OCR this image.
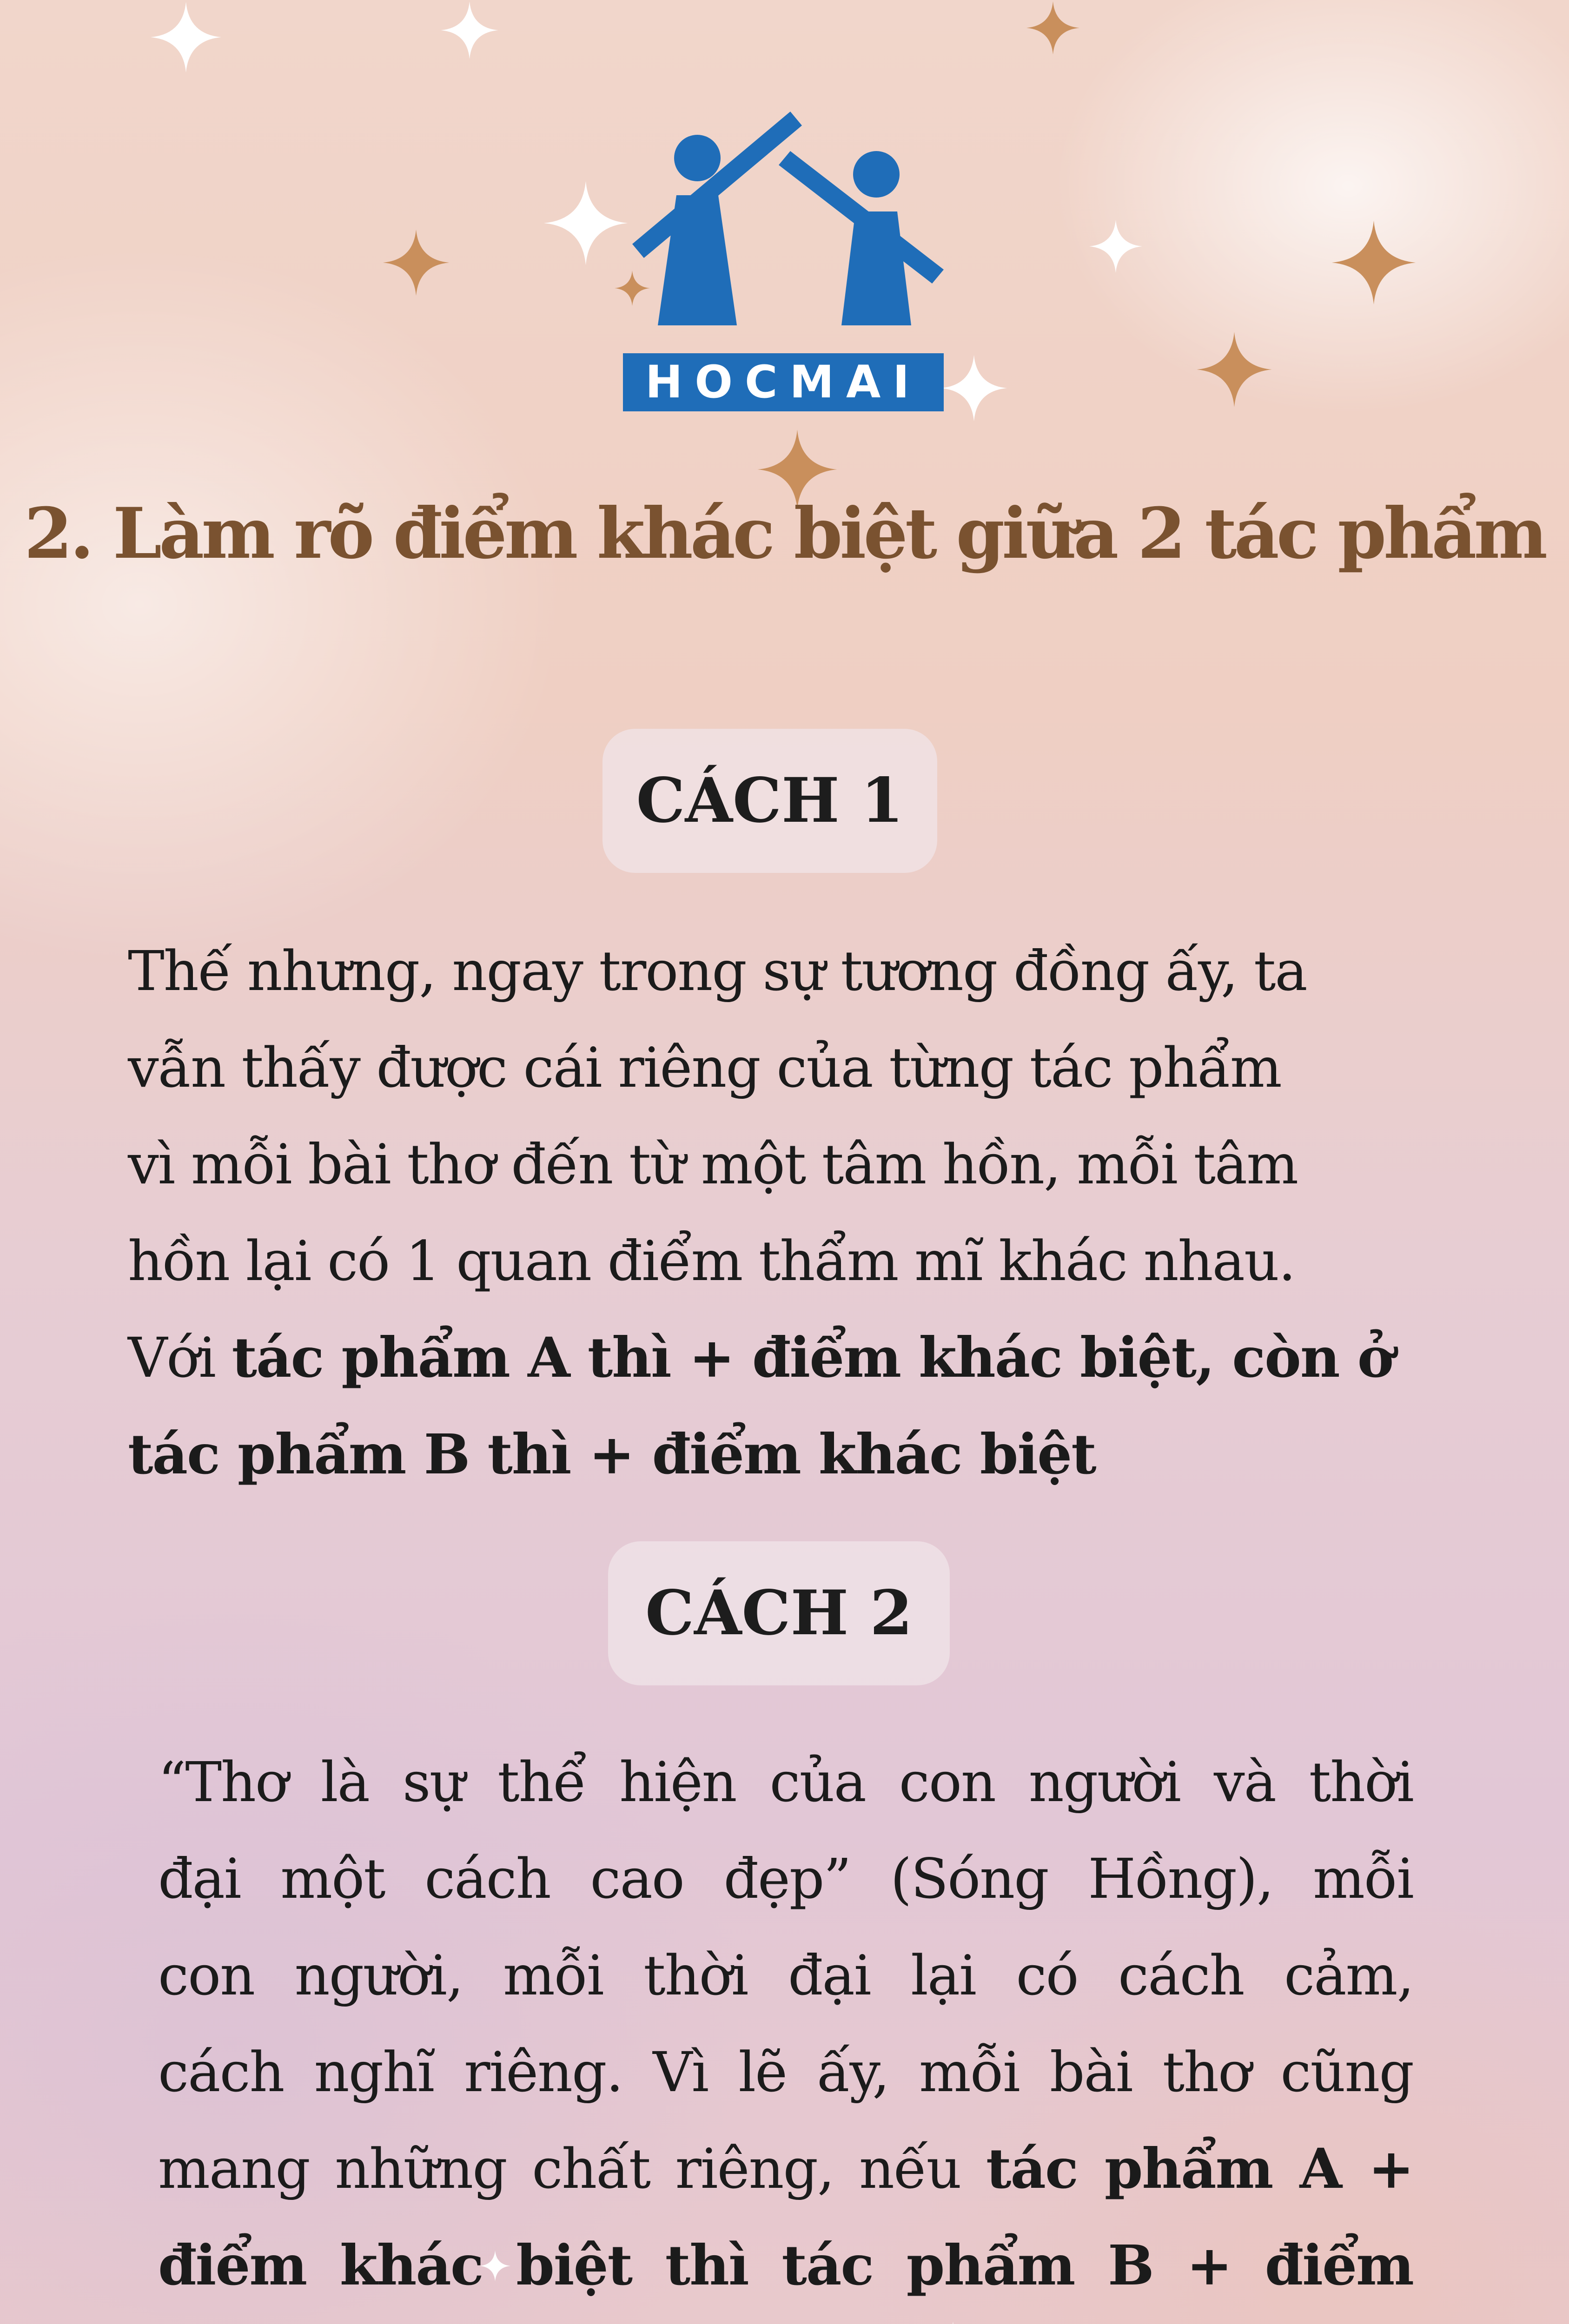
HOCMAI
2. Làm rõ điểm khác biệt giữa 2 tác phẩm
CÁCH 1
Thế nhưng, ngay trong sự tương đồng ấy, ta
vẫn thấy được cái riêng của từng tác phẩm
vì mỗi bài thơ đến từ một tâm hồn, mỗi tâm
hồn lại có 1 quan điểm thẩm mĩ khác nhau.
Với tác phẩm A thì + điểm khác biệt, còn ở
tác phẩm B thì + điểm khác biệt
CÁCH 2
“Thơ là sự thể hiện của con người và thời
đại một cách cao đẹp” (Sóng Hồng), mỗi
con người, mỗi thời đại lại có cách cảm,
cách nghĩ riêng. Vì lẽ ấy, mỗi bài thơ cũng
mang những chất riêng, nếu tác phẩm A +
điểm khác biệt thì tác phẩm B + điểm
